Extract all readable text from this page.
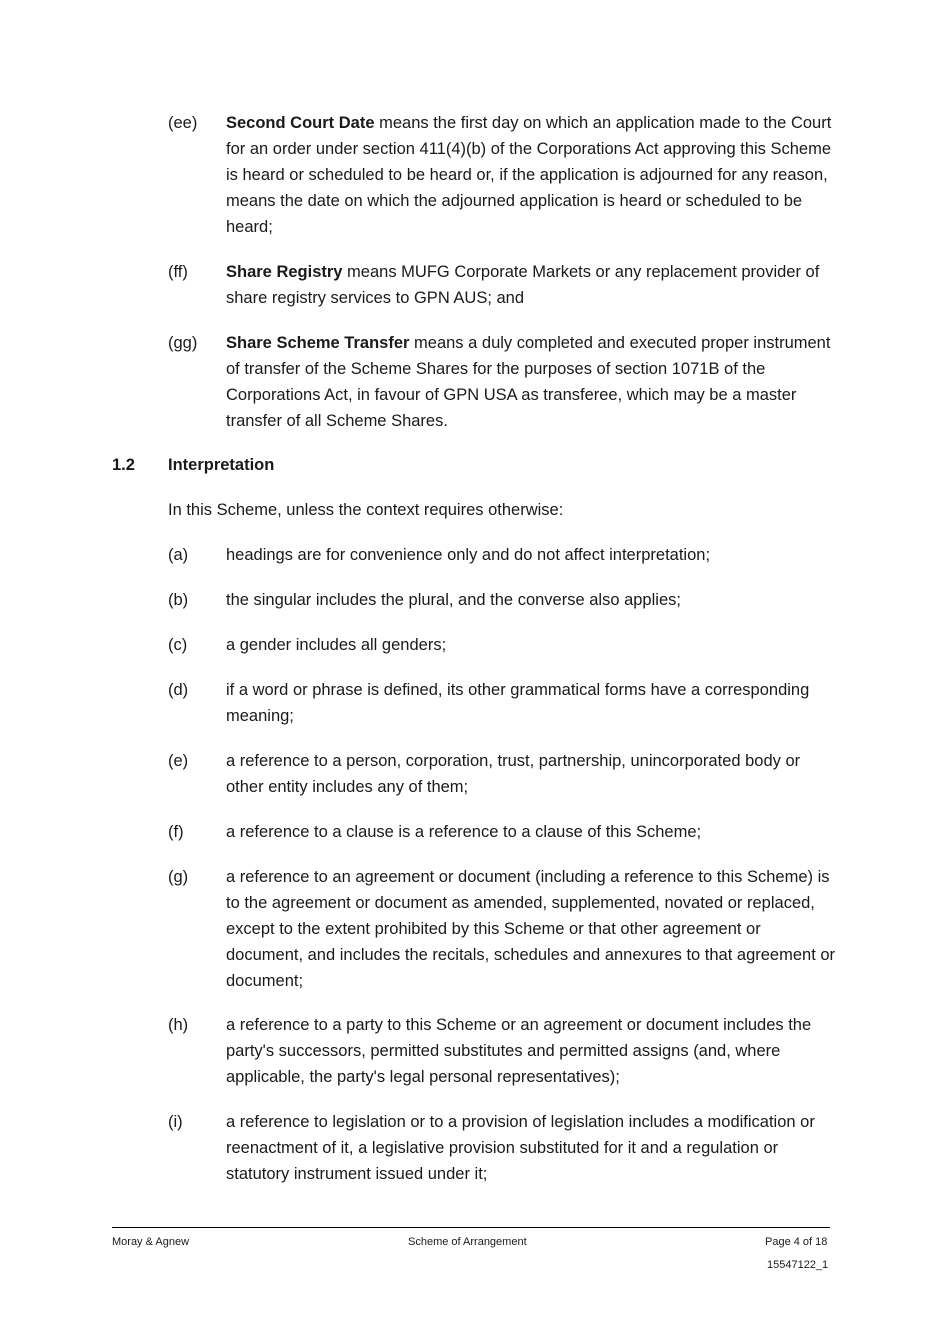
(ee)	Second Court Date means the first day on which an application made to the Court for an order under section 411(4)(b) of the Corporations Act approving this Scheme is heard or scheduled to be heard or, if the application is adjourned for any reason, means the date on which the adjourned application is heard or scheduled to be heard;
(ff)	Share Registry means MUFG Corporate Markets or any replacement provider of share registry services to GPN AUS; and
(gg)	Share Scheme Transfer means a duly completed and executed proper instrument of transfer of the Scheme Shares for the purposes of section 1071B of the Corporations Act, in favour of GPN USA as transferee, which may be a master transfer of all Scheme Shares.
1.2 Interpretation
In this Scheme, unless the context requires otherwise:
(a)	headings are for convenience only and do not affect interpretation;
(b)	the singular includes the plural, and the converse also applies;
(c)	a gender includes all genders;
(d)	if a word or phrase is defined, its other grammatical forms have a corresponding meaning;
(e)	a reference to a person, corporation, trust, partnership, unincorporated body or other entity includes any of them;
(f)	a reference to a clause is a reference to a clause of this Scheme;
(g)	a reference to an agreement or document (including a reference to this Scheme) is to the agreement or document as amended, supplemented, novated or replaced, except to the extent prohibited by this Scheme or that other agreement or document, and includes the recitals, schedules and annexures to that agreement or document;
(h)	a reference to a party to this Scheme or an agreement or document includes the party's successors, permitted substitutes and permitted assigns (and, where applicable, the party's legal personal representatives);
(i)	a reference to legislation or to a provision of legislation includes a modification or reenactment of it, a legislative provision substituted for it and a regulation or statutory instrument issued under it;
Moray & Agnew	Scheme of Arrangement	Page 4 of 18
15547122_1
